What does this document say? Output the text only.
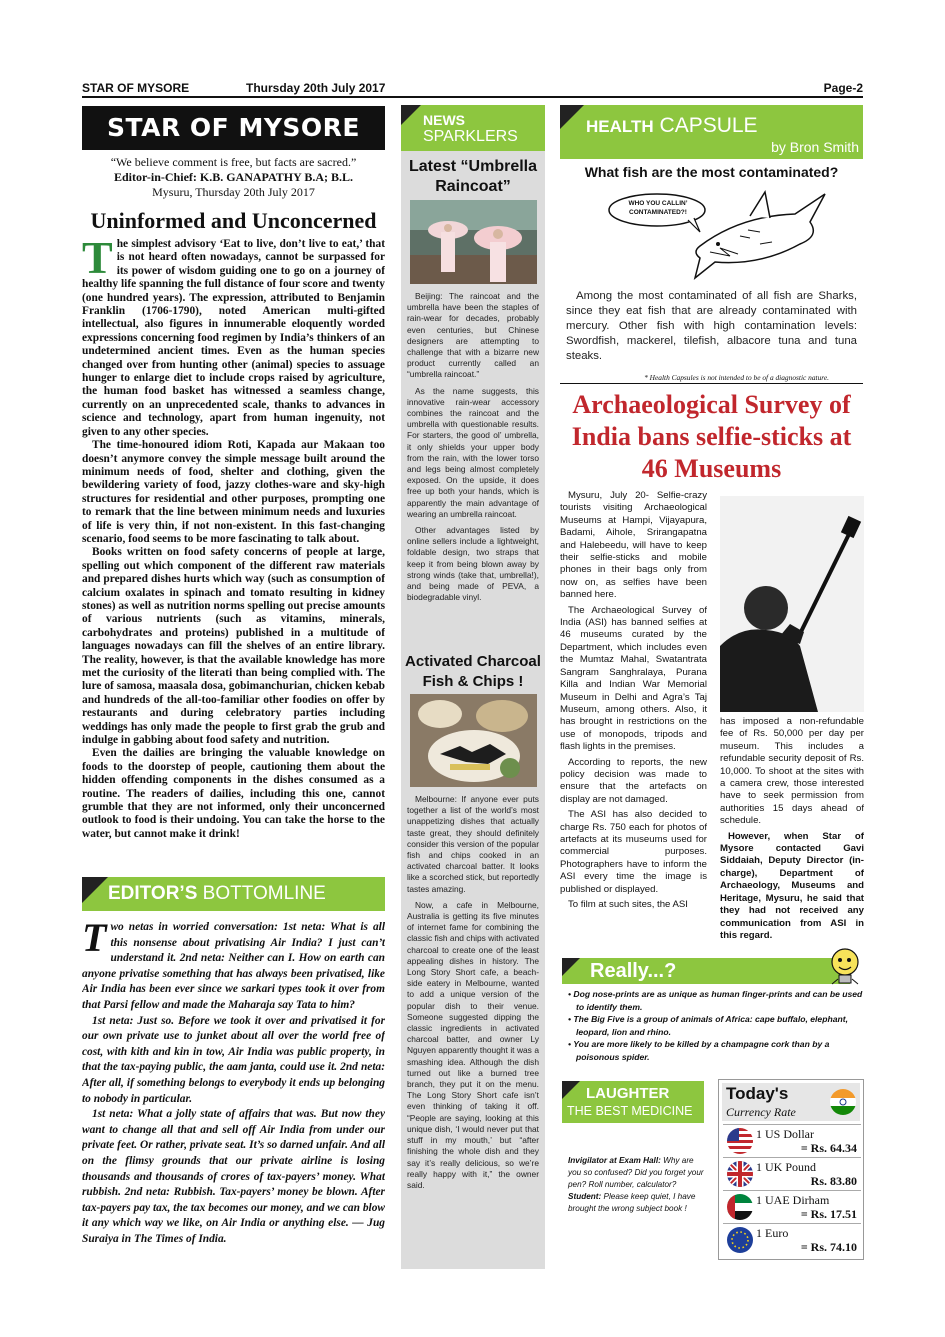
STAR OF MYSORE	Thursday 20th July 2017	Page-2
STAR OF MYSORE
“We believe comment is free, but facts are sacred.”
Editor-in-Chief: K.B. GANAPATHY B.A; B.L.
Mysuru, Thursday 20th July 2017
Uninformed and Unconcerned

The simplest advisory ‘Eat to live, don’t live to eat,’ that is not heard often nowadays, cannot be surpassed for its power of wisdom guiding one to go on a journey of healthy life spanning the full distance of four score and twenty (one hundred years). The expression, attributed to Benjamin Franklin (1706-1790), noted American multi-gifted intellectual, also figures in innumerable eloquently worded expressions concerning food regimen by India’s thinkers of an undetermined ancient times. Even as the human species changed over from hunting other (animal) species to assuage hunger to enlarge diet to include crops raised by agriculture, the human food basket has witnessed a seamless change, currently on an unprecedented scale, thanks to advances in science and technology, apart from human ingenuity, not given to any other species.

The time-honoured idiom Roti, Kapada aur Makaan too doesn’t anymore convey the simple message built around the minimum needs of food, shelter and clothing, given the bewildering variety of food, jazzy clothes-ware and sky-high structures for residential and other purposes, prompting one to remark that the line between minimum needs and luxuries of life is very thin, if not non-existent. In this fast-changing scenario, food seems to be more fascinating to talk about.

Books written on food safety concerns of people at large, spelling out which component of the different raw materials and prepared dishes hurts which way (such as consumption of calcium oxalates in spinach and tomato resulting in kidney stones) as well as nutrition norms spelling out precise amounts of various nutrients (such as vitamins, minerals, carbohydrates and proteins) published in a multitude of languages nowadays can fill the shelves of an entire library. The reality, however, is that the available knowledge has more met the curiosity of the literati than being complied with. The lure of samosa, maasala dosa, gobimanchurian, chicken kebab and hundreds of the all-too-familiar other foodies on offer by restaurants and during celebratory parties including weddings has only made the people to first grab the grub and indulge in gabbing about food safety and nutrition.

Even the dailies are bringing the valuable knowledge on foods to the doorstep of people, cautioning them about the hidden offending components in the dishes consumed as a routine. The readers of dailies, including this one, cannot grumble that they are not informed, only their unconcerned outlook to food is their undoing. You can take the horse to the water, but cannot make it drink!

EDITOR’S BOTTOMLINE

Two netas in worried conversation: 1st neta: What is all this nonsense about privatising Air India? I just can’t understand it. 2nd neta: Neither can I. How on earth can anyone privatise something that has always been privatised, like Air India has been ever since we sarkari types took it over from that Parsi fellow and made the Maharaja say Tata to him?

1st neta: Just so. Before we took it over and privatised it for our own private use to junket about all over the world free of cost, with kith and kin in tow, Air India was public property, in that the tax-paying public, the aam janta, could use it. 2nd neta: After all, if something belongs to everybody it ends up belonging to nobody in particular.

1st neta: What a jolly state of affairs that was. But now they want to change all that and sell off Air India from under our private feet. Or rather, private seat. It’s so darned unfair. And all on the flimsy grounds that our private airline is losing thousands and thousands of crores of tax-payers’ money. What rubbish. 2nd neta: Rubbish. Tax-payers’ money be blown. After tax-payers pay tax, the tax becomes our money, and we can blow it any which way we like, on Air India or anything else. — Jug Suraiya in The Times of India.

NEWS
SPARKLERS
Latest “Umbrella Raincoat”

Beijing: The raincoat and the umbrella have been the staples of rain-wear for decades, probably even centuries, but Chinese designers are attempting to challenge that with a bizarre new product currently called an “umbrella raincoat.”

As the name suggests, this innovative rain-wear accessory combines the raincoat and the umbrella with questionable results. For starters, the good ol’ umbrella, it only shields your upper body from the rain, with the lower torso and legs being almost completely exposed. On the upside, it does free up both your hands, which is apparently the main advantage of wearing an umbrella raincoat.

Other advantages listed by online sellers include a lightweight, foldable design, two straps that keep it from being blown away by strong winds (take that, umbrella!), and being made of PEVA, a biodegradable vinyl.

Activated Charcoal Fish & Chips !

Melbourne: If anyone ever puts together a list of the world’s most unappetizing dishes that actually taste great, they should definitely consider this version of the popular fish and chips cooked in an activated charcoal batter. It looks like a scorched stick, but reportedly tastes amazing.

Now, a cafe in Melbourne, Australia is getting its five minutes of internet fame for combining the classic fish and chips with activated charcoal to create one of the least appealing dishes in history. The Long Story Short cafe, a beach-side eatery in Melbourne, wanted to add a unique version of the popular dish to their venue. Someone suggested dipping the classic ingredients in activated charcoal batter, and owner Ly Nguyen apparently thought it was a smashing idea. Although the dish turned out like a burned tree branch, they put it on the menu. The Long Story Short cafe isn’t even thinking of taking it off. “People are saying, looking at this unique dish, ‘I would never put that stuff in my mouth,’ but “after finishing the whole dish and they say it’s really delicious, so we’re really happy with it,” the owner said.

HEALTH CAPSULE
by Bron Smith
What fish are the most contaminated?
WHO YOU CALLIN’ CONTAMINATED?!
Among the most contaminated of all fish are Sharks, since they eat fish that are already contaminated with mercury. Other fish with high contamination levels: Swordfish, mackerel, tilefish, albacore tuna and tuna steaks.
* Health Capsules is not intended to be of a diagnostic nature.
Archaeological Survey of India bans selfie-sticks at 46 Museums

Mysuru, July 20- Selfie-crazy tourists visiting Archaeological Museums at Hampi, Vijayapura, Badami, Aihole, Srirangapatna and Halebeedu, will have to keep their selfie-sticks and mobile phones in their bags only from now on, as selfies have been banned here.

The Archaeological Survey of India (ASI) has banned selfies at 46 museums curated by the Department, which includes even the Mumtaz Mahal, Swatantrata Sangram Sanghralaya, Purana Killa and Indian War Memorial Museum in Delhi and Agra’s Taj Museum, among others. Also, it has brought in restrictions on the use of monopods, tripods and flash lights in the premises.

According to reports, the new policy decision was made to ensure that the artefacts on display are not damaged.

The ASI has also decided to charge Rs. 750 each for photos of artefacts at its museums used for commercial purposes. Photographers have to inform the ASI every time the image is published or displayed.

To film at such sites, the ASI

has imposed a non-refundable fee of Rs. 50,000 per day per museum. This includes a refundable security deposit of Rs. 10,000. To shoot at the sites with a camera crew, those interested have to seek permission from authorities 15 days ahead of schedule.

However, when Star of Mysore contacted Gavi Siddaiah, Deputy Director (in-charge), Department of Archaeology, Museums and Heritage, Mysuru, he said that they had not received any communication from ASI in this regard.

Really...?
• Dog nose-prints are as unique as human finger-prints and can be used to identify them.
• The Big Five is a group of animals of Africa: cape buffalo, elephant, leopard, lion and rhino.
• You are more likely to be killed by a champagne cork than by a poisonous spider.
LAUGHTER
THE BEST MEDICINE
Invigilator at Exam Hall: Why are you so confused? Did you forget your pen? Roll number, calculator? Student: Please keep quiet, I have brought the wrong subject book !
Today's
Currency Rate
1 US Dollar
= Rs. 64.34
1 UK Pound
Rs. 83.80
1 UAE Dirham
= Rs. 17.51
1 Euro
= Rs. 74.10
